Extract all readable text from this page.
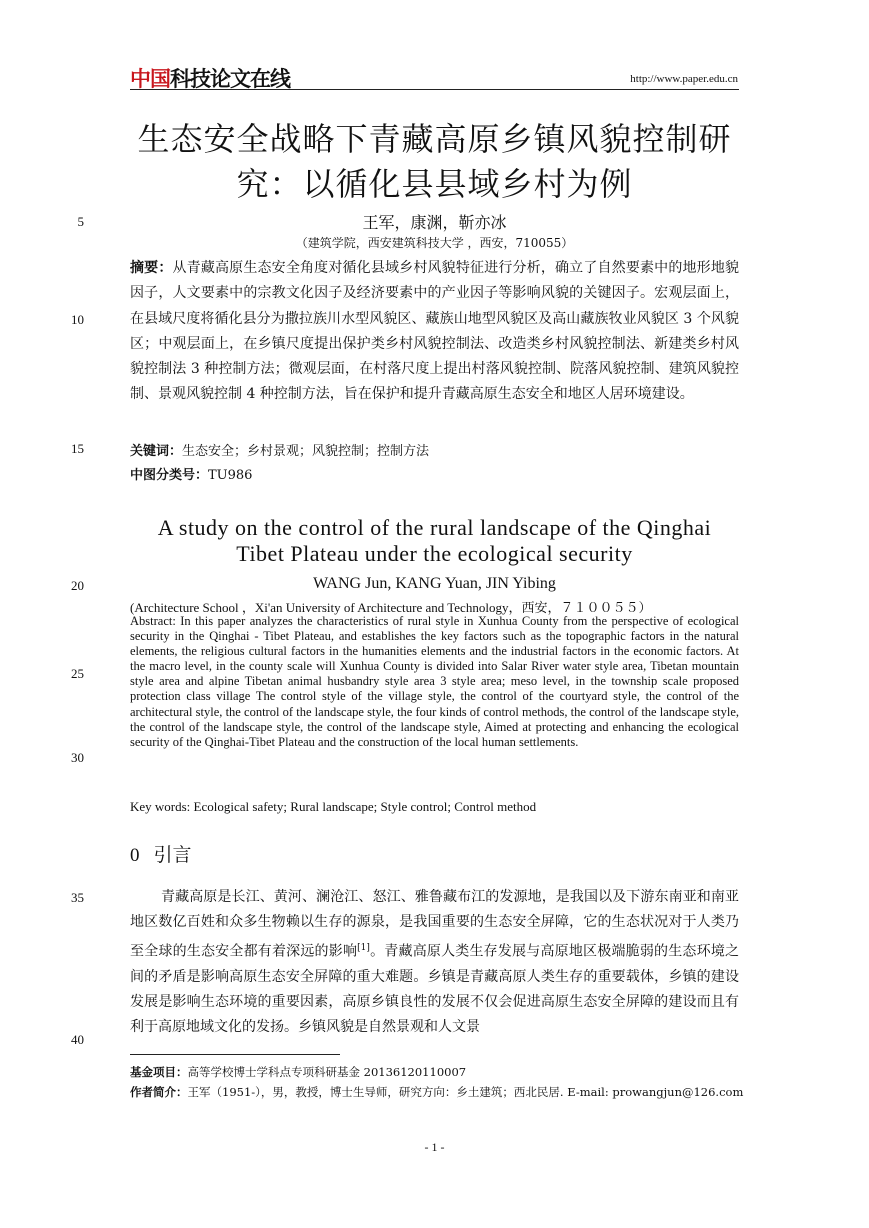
中国科技论文在线	http://www.paper.edu.cn
生态安全战略下青藏高原乡镇风貌控制研
究：以循化县县域乡村为例
5
10
15
20
25
30
35
40
王军，康渊，靳亦冰
（建筑学院，西安建筑科技大学 ，西安，710055）
摘要：从青藏高原生态安全角度对循化县域乡村风貌特征进行分析，确立了自然要素中的地形地貌因子，人文要素中的宗教文化因子及经济要素中的产业因子等影响风貌的关键因子。宏观层面上，在县域尺度将循化县分为撒拉族川水型风貌区、藏族山地型风貌区及高山藏族牧业风貌区 3 个风貌区；中观层面上，在乡镇尺度提出保护类乡村风貌控制法、改造类乡村风貌控制法、新建类乡村风貌控制法 3 种控制方法；微观层面，在村落尺度上提出村落风貌控制、院落风貌控制、建筑风貌控制、景观风貌控制 4 种控制方法，旨在保护和提升青藏高原生态安全和地区人居环境建设。
关键词：生态安全；乡村景观；风貌控制；控制方法
中图分类号：TU986
A study on the control of the rural landscape of the Qinghai
Tibet Plateau under the ecological security
WANG Jun, KANG Yuan, JIN Yibing
(Architecture School ，Xi'an University of Architecture and Technology，西安，７１００５５）
Abstract: In this paper analyzes the characteristics of rural style in Xunhua County from the perspective of ecological security in the Qinghai - Tibet Plateau, and establishes the key factors such as the topographic factors in the natural elements, the religious cultural factors in the humanities elements and the industrial factors in the economic factors. At the macro level, in the county scale will Xunhua County is divided into Salar River water style area, Tibetan mountain style area and alpine Tibetan animal husbandry style area 3 style area; meso level, in the township scale proposed protection class village The control style of the village style, the control of the courtyard style, the control of the architectural style, the control of the landscape style, the four kinds of control methods, the control of the landscape style, the control of the landscape style, the control of the landscape style, Aimed at protecting and enhancing the ecological security of the Qinghai-Tibet Plateau and the construction of the local human settlements.
Key words: Ecological safety; Rural landscape; Style control; Control method
0 引言
青藏高原是长江、黄河、澜沧江、怒江、雅鲁藏布江的发源地，是我国以及下游东南亚和南亚地区数亿百姓和众多生物赖以生存的源泉，是我国重要的生态安全屏障，它的生态状况对于人类乃至全球的生态安全都有着深远的影响[1]。青藏高原人类生存发展与高原地区极端脆弱的生态环境之间的矛盾是影响高原生态安全屏障的重大难题。乡镇是青藏高原人类生存的重要载体，乡镇的建设发展是影响生态环境的重要因素，高原乡镇良性的发展不仅会促进高原生态安全屏障的建设而且有利于高原地域文化的发扬。乡镇风貌是自然景观和人文景
基金项目：高等学校博士学科点专项科研基金 20136120110007
作者简介：王军（1951-），男，教授，博士生导师，研究方向：乡土建筑；西北民居. E-mail: prowangjun@126.com
- 1 -
